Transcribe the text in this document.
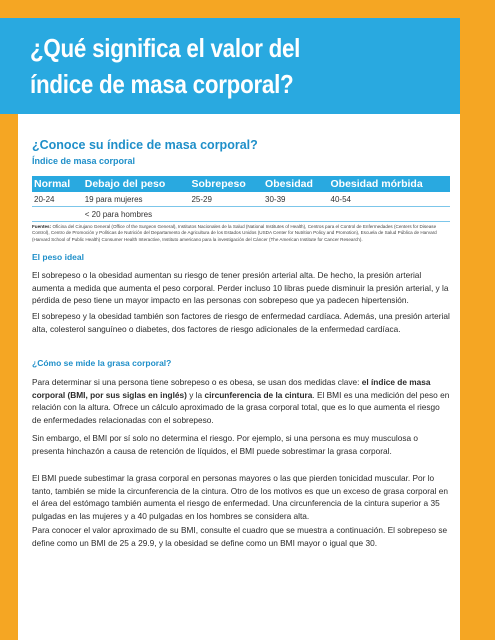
¿Qué significa el valor del
índice de masa corporal?
¿Conoce su índice de masa corporal?
Índice de masa corporal
Normal	Debajo del peso	Sobrepeso	Obesidad	Obesidad mórbida
20-24	19 para mujeres	25-29	30-39	40-54
	< 20 para hombres			
Fuentes: Oficina del Cirujano General (Office of the Surgeon General), Institutos Nacionales de la Salud (National Institutes of Health), Centros para el Control de Enfermedades (Centers for Disease Control), Centro de Promoción y Políticas de Nutrición del Departamento de Agricultura de los Estados Unidos (USDA Center for Nutrition Policy and Promotion), Escuela de Salud Pública de Harvard (Harvard School of Public Health) Consumer Health Interactive, Instituto americano para la investigación del Cáncer (The American Institute for Cancer Research).
El peso ideal
El sobrepeso o la obesidad aumentan su riesgo de tener presión arterial alta. De hecho, la presión arterial aumenta a medida que aumenta el peso corporal. Perder incluso 10 libras puede disminuir la presión arterial, y la pérdida de peso tiene un mayor impacto en las personas con sobrepeso que ya padecen hipertensión.
El sobrepeso y la obesidad también son factores de riesgo de enfermedad cardíaca. Además, una presión arterial alta, colesterol sanguíneo o diabetes, dos factores de riesgo adicionales de la enfermedad cardíaca.
¿Cómo se mide la grasa corporal?
Para determinar si una persona tiene sobrepeso o es obesa, se usan dos medidas clave: el índice de masa corporal (BMI, por sus siglas en inglés) y la circunferencia de la cintura. El BMI es una medición del peso en relación con la altura. Ofrece un cálculo aproximado de la grasa corporal total, que es lo que aumenta el riesgo de enfermedades relacionadas con el sobrepeso.
Sin embargo, el BMI por sí solo no determina el riesgo. Por ejemplo, si una persona es muy musculosa o presenta hinchazón a causa de retención de líquidos, el BMI puede sobrestimar la grasa corporal.
El BMI puede subestimar la grasa corporal en personas mayores o las que pierden tonicidad muscular. Por lo tanto, también se mide la circunferencia de la cintura. Otro de los motivos es que un exceso de grasa corporal en el área del estómago también aumenta el riesgo de enfermedad. Una circunferencia de la cintura superior a 35 pulgadas en las mujeres y a 40 pulgadas en los hombres se considera alta.
Para conocer el valor aproximado de su BMI, consulte el cuadro que se muestra a continuación. El sobrepeso se define como un BMI de 25 a 29.9, y la obesidad se define como un BMI mayor o igual que 30.
